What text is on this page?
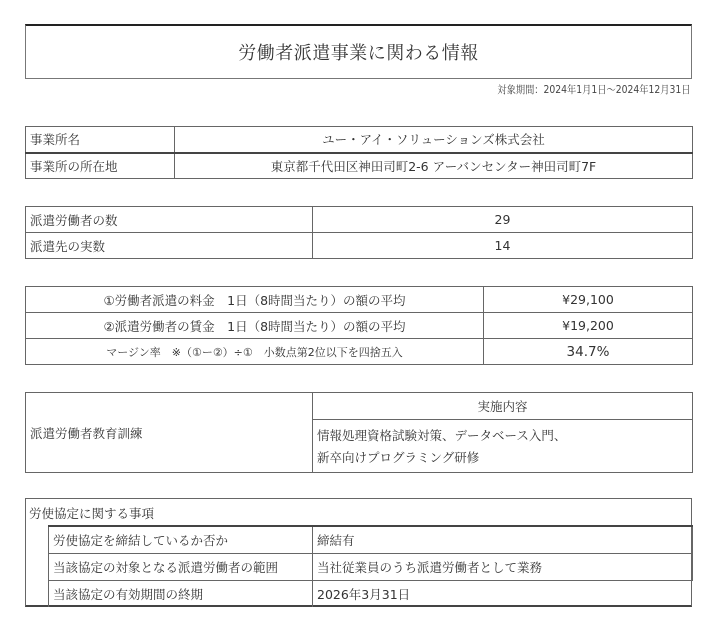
労働者派遣事業に関わる情報
対象期間：2024年1月1日～2024年12月31日
事業所名	ユー・アイ・ソリューションズ株式会社
事業所の所在地	東京都千代田区神田司町2-6 アーバンセンター神田司町7F
派遣労働者の数	29
派遣先の実数	14
①労働者派遣の料金　1日（8時間当たり）の額の平均	¥29,100
②派遣労働者の賃金　1日（8時間当たり）の額の平均	¥19,200
マージン率　※（①ー②）÷①　小数点第2位以下を四捨五入	34.7%
派遣労働者教育訓練	実施内容

情報処理資格試験対策、データベース入門、
新卒向けプログラミング研修
労使協定に関する事項
労使協定を締結しているか否か	締結有
当該協定の対象となる派遣労働者の範囲	当社従業員のうち派遣労働者として業務
当該協定の有効期間の終期	2026年3月31日
